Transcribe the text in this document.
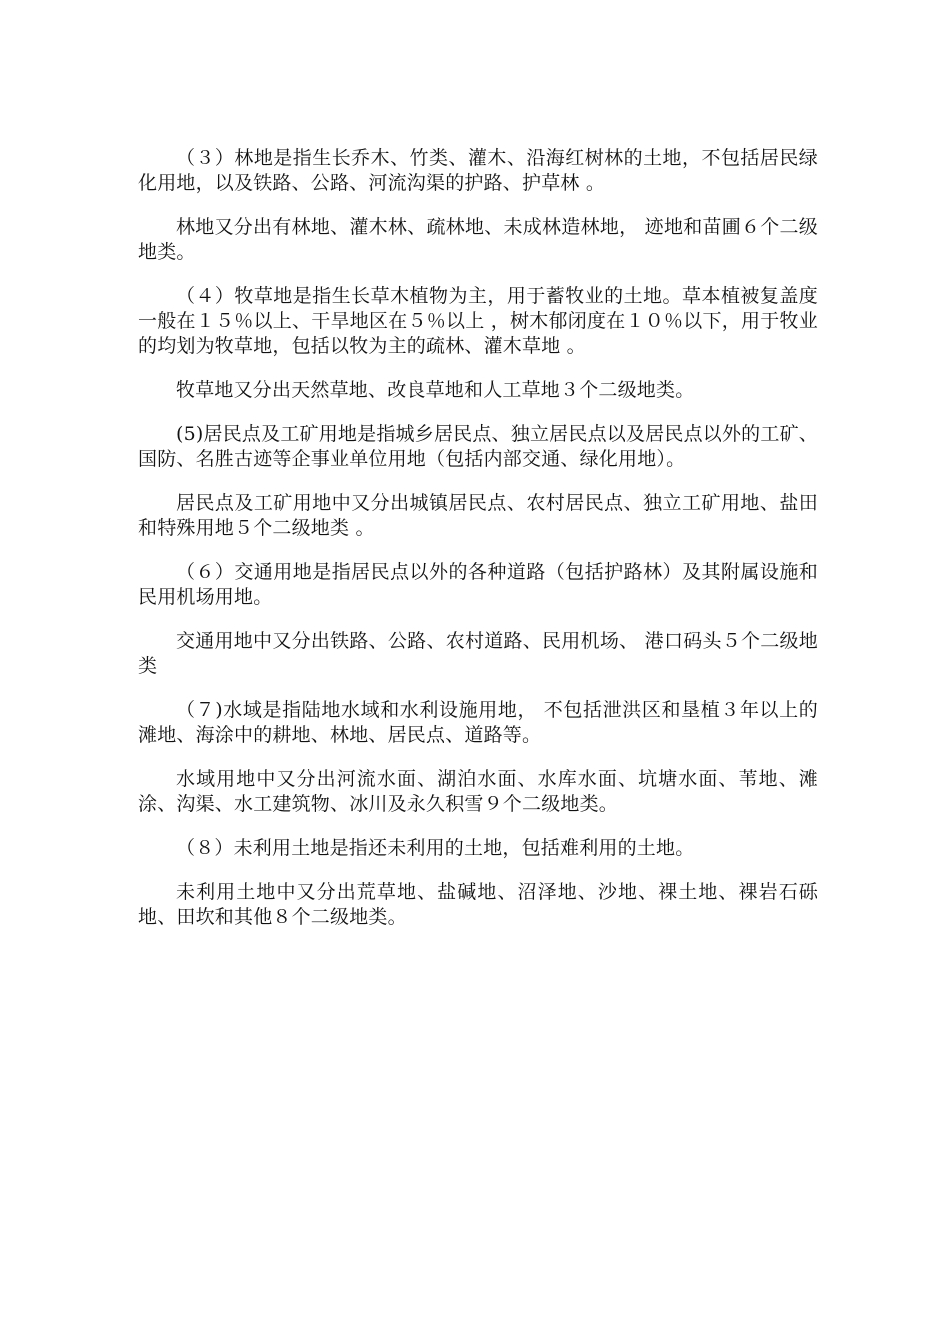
（３）林地是指生长乔木、竹类、灌木、沿海红树林的土地，不包括居民绿化用地，以及铁路、公路、河流沟渠的护路、护草林 。

林地又分出有林地、灌木林、疏林地、未成林造林地， 迹地和苗圃６个二级地类。

（４）牧草地是指生长草木植物为主，用于蓄牧业的土地。草本植被复盖度一般在１５％以上、干旱地区在５％以上 ，树木郁闭度在１０％以下，用于牧业的均划为牧草地，包括以牧为主的疏林、灌木草地 。

牧草地又分出天然草地、改良草地和人工草地３个二级地类。

(5)居民点及工矿用地是指城乡居民点、独立居民点以及居民点以外的工矿、国防、名胜古迹等企事业单位用地（包括内部交通、绿化用地）。

居民点及工矿用地中又分出城镇居民点、农村居民点、独立工矿用地、盐田和特殊用地５个二级地类 。

（６）交通用地是指居民点以外的各种道路（包括护路林）及其附属设施和民用机场用地。

交通用地中又分出铁路、公路、农村道路、民用机场、 港口码头５个二级地类

（７)水域是指陆地水域和水利设施用地， 不包括泄洪区和垦植３年以上的滩地、海涂中的耕地、林地、居民点、道路等。

水域用地中又分出河流水面、湖泊水面、水库水面、坑塘水面、苇地、滩涂、沟渠、水工建筑物、冰川及永久积雪９个二级地类。

（８）未利用土地是指还未利用的土地，包括难利用的土地。

未利用土地中又分出荒草地、盐碱地、沼泽地、沙地、裸土地、裸岩石砾地、田坎和其他８个二级地类。
